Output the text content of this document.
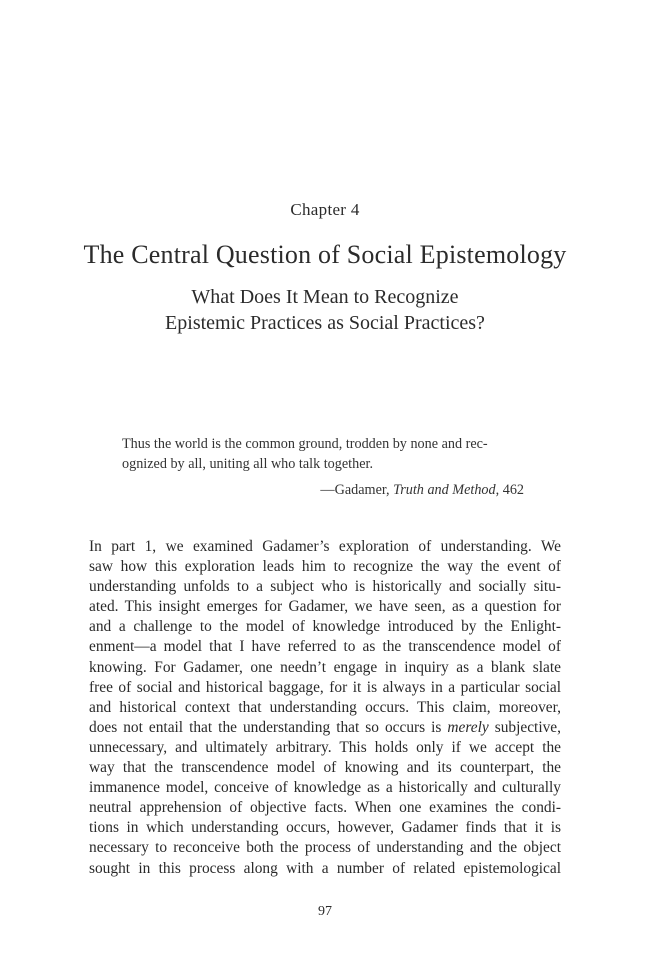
Chapter 4
The Central Question of Social Epistemology
What Does It Mean to Recognize
Epistemic Practices as Social Practices?
Thus the world is the common ground, trodden by none and rec-
ognized by all, uniting all who talk together.
—Gadamer, Truth and Method, 462
In part 1, we examined Gadamer’s exploration of understanding. We
saw how this exploration leads him to recognize the way the event of
understanding unfolds to a subject who is historically and socially situ-
ated. This insight emerges for Gadamer, we have seen, as a question for
and a challenge to the model of knowledge introduced by the Enlight-
enment—a model that I have referred to as the transcendence model of
knowing. For Gadamer, one needn’t engage in inquiry as a blank slate
free of social and historical baggage, for it is always in a particular social
and historical context that understanding occurs. This claim, moreover,
does not entail that the understanding that so occurs is merely subjective,
unnecessary, and ultimately arbitrary. This holds only if we accept the
way that the transcendence model of knowing and its counterpart, the
immanence model, conceive of knowledge as a historically and culturally
neutral apprehension of objective facts. When one examines the condi-
tions in which understanding occurs, however, Gadamer finds that it is
necessary to reconceive both the process of understanding and the object
sought in this process along with a number of related epistemological
97
